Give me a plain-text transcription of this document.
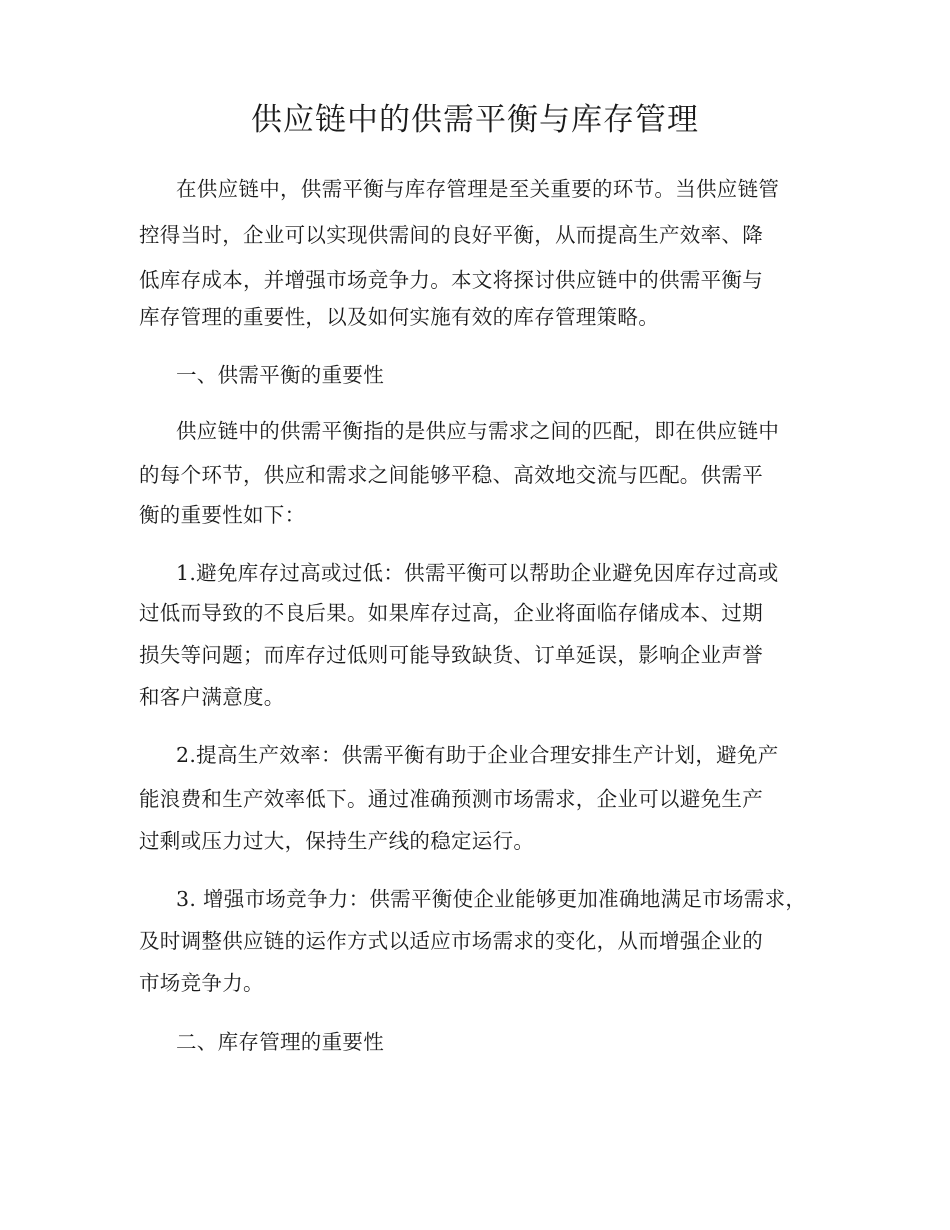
供应链中的供需平衡与库存管理
在供应链中，供需平衡与库存管理是至关重要的环节。当供应链管
控得当时，企业可以实现供需间的良好平衡，从而提高生产效率、降
低库存成本，并增强市场竞争力。本文将探讨供应链中的供需平衡与
库存管理的重要性，以及如何实施有效的库存管理策略。
一、供需平衡的重要性
供应链中的供需平衡指的是供应与需求之间的匹配，即在供应链中
的每个环节，供应和需求之间能够平稳、高效地交流与匹配。供需平
衡的重要性如下：
1.避免库存过高或过低：供需平衡可以帮助企业避免因库存过高或
过低而导致的不良后果。如果库存过高，企业将面临存储成本、过期
损失等问题；而库存过低则可能导致缺货、订单延误，影响企业声誉
和客户满意度。
2.提高生产效率：供需平衡有助于企业合理安排生产计划，避免产
能浪费和生产效率低下。通过准确预测市场需求，企业可以避免生产
过剩或压力过大，保持生产线的稳定运行。
3. 增强市场竞争力：供需平衡使企业能够更加准确地满足市场需求，
及时调整供应链的运作方式以适应市场需求的变化，从而增强企业的
市场竞争力。
二、库存管理的重要性
